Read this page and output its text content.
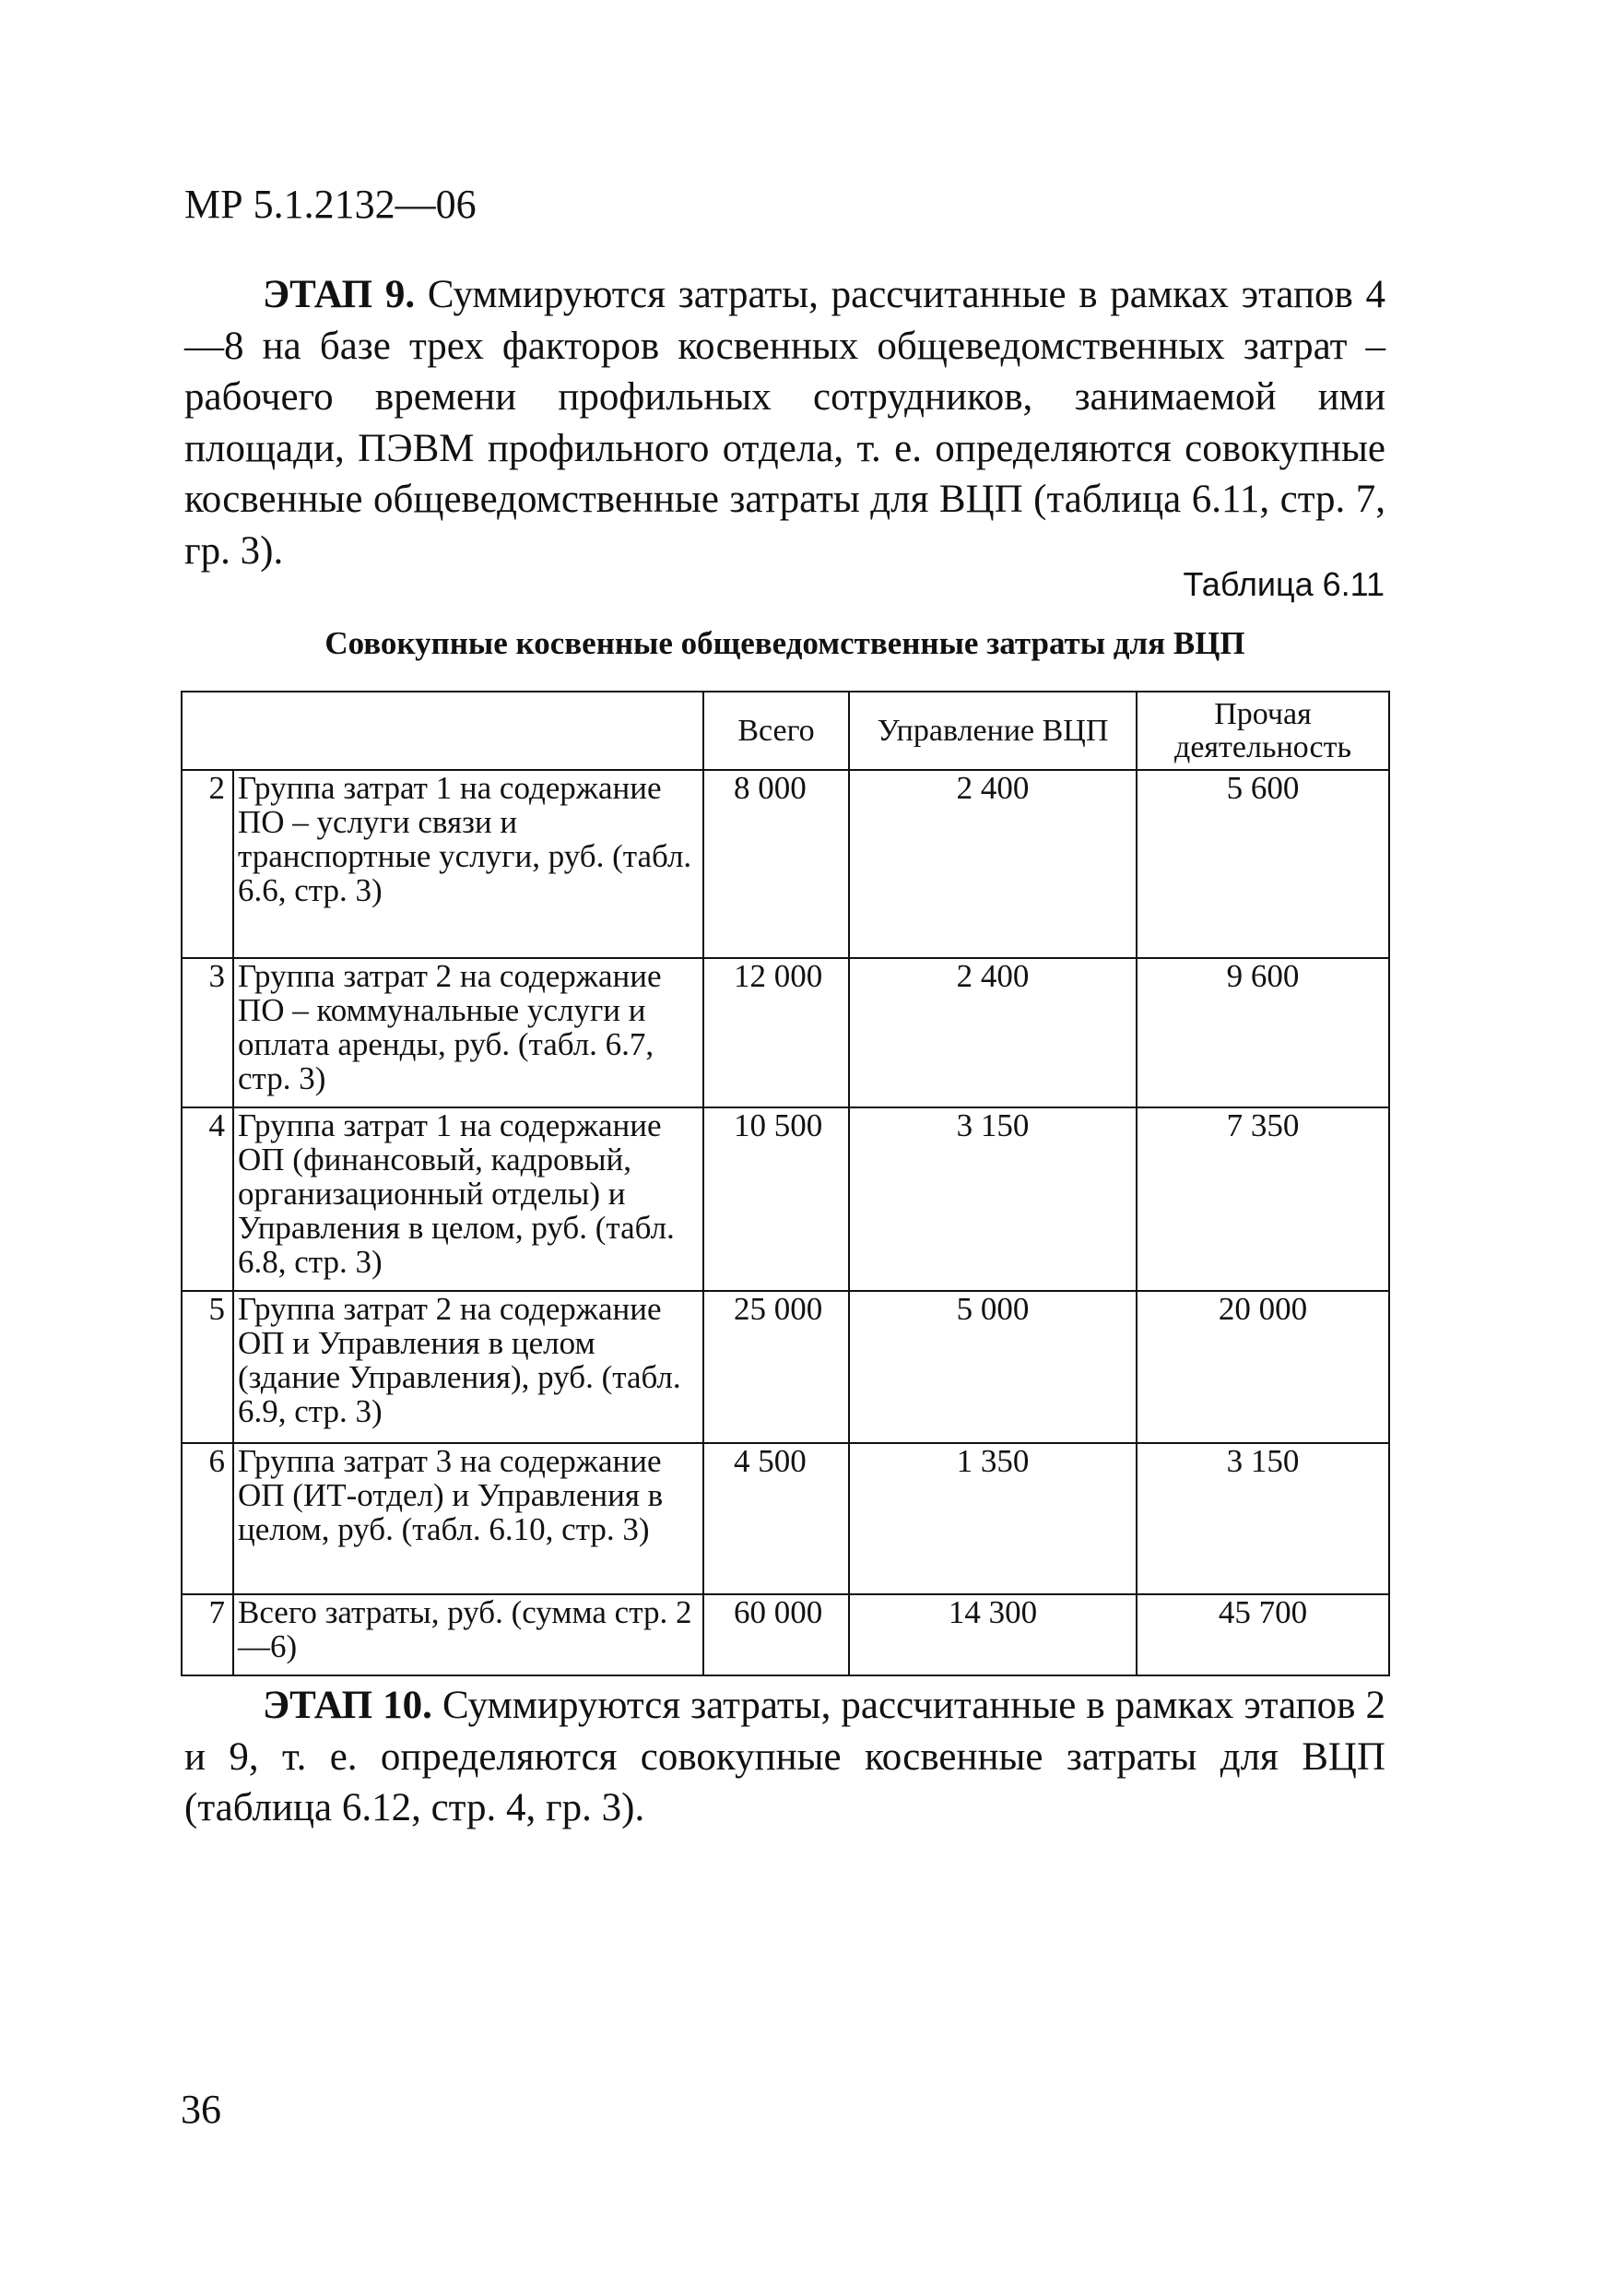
МР 5.1.2132—06

ЭТАП 9. Суммируются затраты, рассчитанные в рамках этапов 4—8 на базе трех факторов косвенных общеведомственных затрат – рабочего времени профильных сотрудников, занимаемой ими площади, ПЭВМ профильного отдела, т. е. определяются совокупные косвенные общеведомственные затраты для ВЦП (таблица 6.11, стр. 7, гр. 3).

Таблица 6.11
Совокупные косвенные общеведомственные затраты для ВЦП
		Всего	Управление ВЦП	Прочая деятельность
2	Группа затрат 1 на содержание ПО – услуги связи и транспортные услуги, руб. (табл. 6.6, стр. 3)	8 000	2 400	5 600
3	Группа затрат 2 на содержание ПО – коммунальные услуги и оплата аренды, руб. (табл. 6.7, стр. 3)	12 000	2 400	9 600
4	Группа затрат 1 на содержание ОП (финансовый, кадровый, организационный отделы) и Управления в целом, руб. (табл. 6.8, стр. 3)	10 500	3 150	7 350
5	Группа затрат 2 на содержание ОП и Управления в целом (здание Управления), руб. (табл. 6.9, стр. 3)	25 000	5 000	20 000
6	Группа затрат 3 на содержание ОП (ИТ-отдел) и Управления в целом, руб. (табл. 6.10, стр. 3)	4 500	1 350	3 150
7	Всего затраты, руб. (сумма стр. 2—6)	60 000	14 300	45 700

ЭТАП 10. Суммируются затраты, рассчитанные в рамках этапов 2 и 9, т. е. определяются совокупные косвенные затраты для ВЦП (таблица 6.12, стр. 4, гр. 3).

36
